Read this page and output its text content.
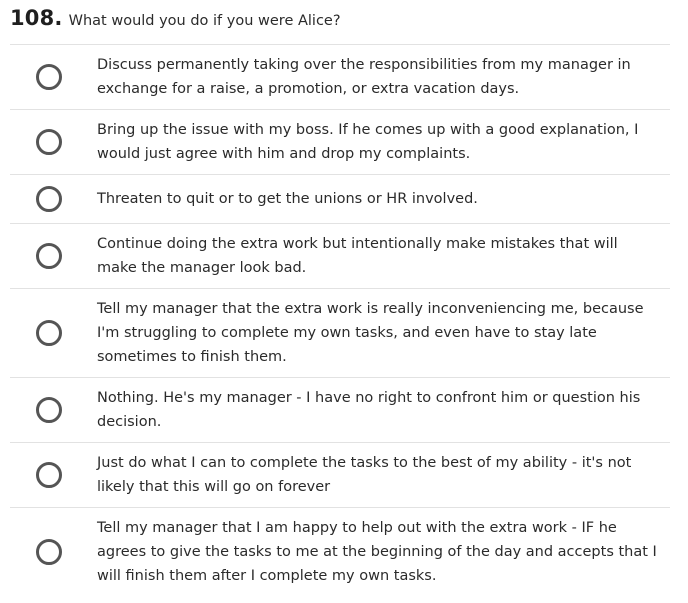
108. What would you do if you were Alice?
Discuss permanently taking over the responsibilities from my manager in exchange for a raise, a promotion, or extra vacation days.
Bring up the issue with my boss. If he comes up with a good explanation, I would just agree with him and drop my complaints.
Threaten to quit or to get the unions or HR involved.
Continue doing the extra work but intentionally make mistakes that will make the manager look bad.
Tell my manager that the extra work is really inconveniencing me, because I'm struggling to complete my own tasks, and even have to stay late sometimes to finish them.
Nothing. He's my manager - I have no right to confront him or question his decision.
Just do what I can to complete the tasks to the best of my ability - it's not likely that this will go on forever
Tell my manager that I am happy to help out with the extra work - IF he agrees to give the tasks to me at the beginning of the day and accepts that I will finish them after I complete my own tasks.
